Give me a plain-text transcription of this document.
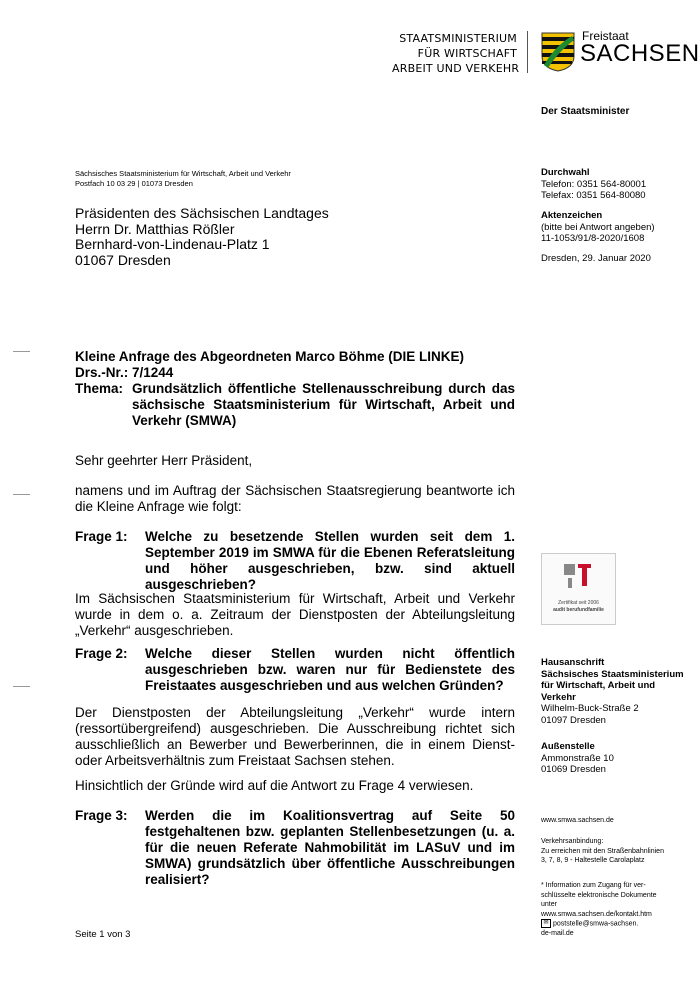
STAATSMINISTERIUM
FÜR WIRTSCHAFT
ARBEIT UND VERKEHR
Freistaat
SACHSEN
Der Staatsminister
Sächsisches Staatsministerium für Wirtschaft, Arbeit und Verkehr
Postfach 10 03 29 | 01073 Dresden
Präsidenten des Sächsischen Landtages
Herrn Dr. Matthias Rößler
Bernhard-von-Lindenau-Platz 1
01067 Dresden
Durchwahl
Telefon: 0351 564-80001
Telefax: 0351 564-80080
Aktenzeichen
(bitte bei Antwort angeben)
11-1053/91/8-2020/1608
Dresden, 29. Januar 2020
Kleine Anfrage des Abgeordneten Marco Böhme (DIE LINKE)
Drs.-Nr.: 7/1244
Thema: Grundsätzlich öffentliche Stellenausschreibung durch das sächsische Staatsministerium für Wirtschaft, Arbeit und Verkehr (SMWA)
Sehr geehrter Herr Präsident,
namens und im Auftrag der Sächsischen Staatsregierung beantworte ich die Kleine Anfrage wie folgt:
Frage 1:	Welche zu besetzende Stellen wurden seit dem 1. September 2019 im SMWA für die Ebenen Referatsleitung und höher ausgeschrieben, bzw. sind aktuell ausgeschrieben?
Im Sächsischen Staatsministerium für Wirtschaft, Arbeit und Verkehr wurde in dem o. a. Zeitraum der Dienstposten der Abteilungsleitung „Verkehr“ ausgeschrieben.
Frage 2:	Welche dieser Stellen wurden nicht öffentlich ausgeschrieben bzw. waren nur für Bedienstete des Freistaates ausgeschrieben und aus welchen Gründen?
Der Dienstposten der Abteilungsleitung „Verkehr“ wurde intern (ressortübergreifend) ausgeschrieben. Die Ausschreibung richtet sich ausschließlich an Bewerber und Bewerberinnen, die in einem Dienst- oder Arbeitsverhältnis zum Freistaat Sachsen stehen.
Hinsichtlich der Gründe wird auf die Antwort zu Frage 4 verwiesen.
Frage 3:	Werden die im Koalitionsvertrag auf Seite 50 festgehaltenen bzw. geplanten Stellenbesetzungen (u. a. für die neuen Referate Nahmobilität im LASuV und im SMWA) grundsätzlich über öffentliche Ausschreibungen realisiert?
Zertifikat seit 2006
audit berufundfamilie
Hausanschrift
Sächsisches Staatsministerium
für Wirtschaft, Arbeit und
Verkehr
Wilhelm-Buck-Straße 2
01097 Dresden
Außenstelle
Ammonstraße 10
01069 Dresden
www.smwa.sachsen.de
Verkehrsanbindung:
Zu erreichen mit den Straßenbahnlinien
3, 7, 8, 9 - Haltestelle Carolaplatz
* Information zum Zugang für ver-
schlüsselte elektronische Dokumente
unter
www.smwa.sachsen.de/kontakt.htm
✉ poststelle@smwa-sachsen.
de-mail.de
Seite 1 von 3
